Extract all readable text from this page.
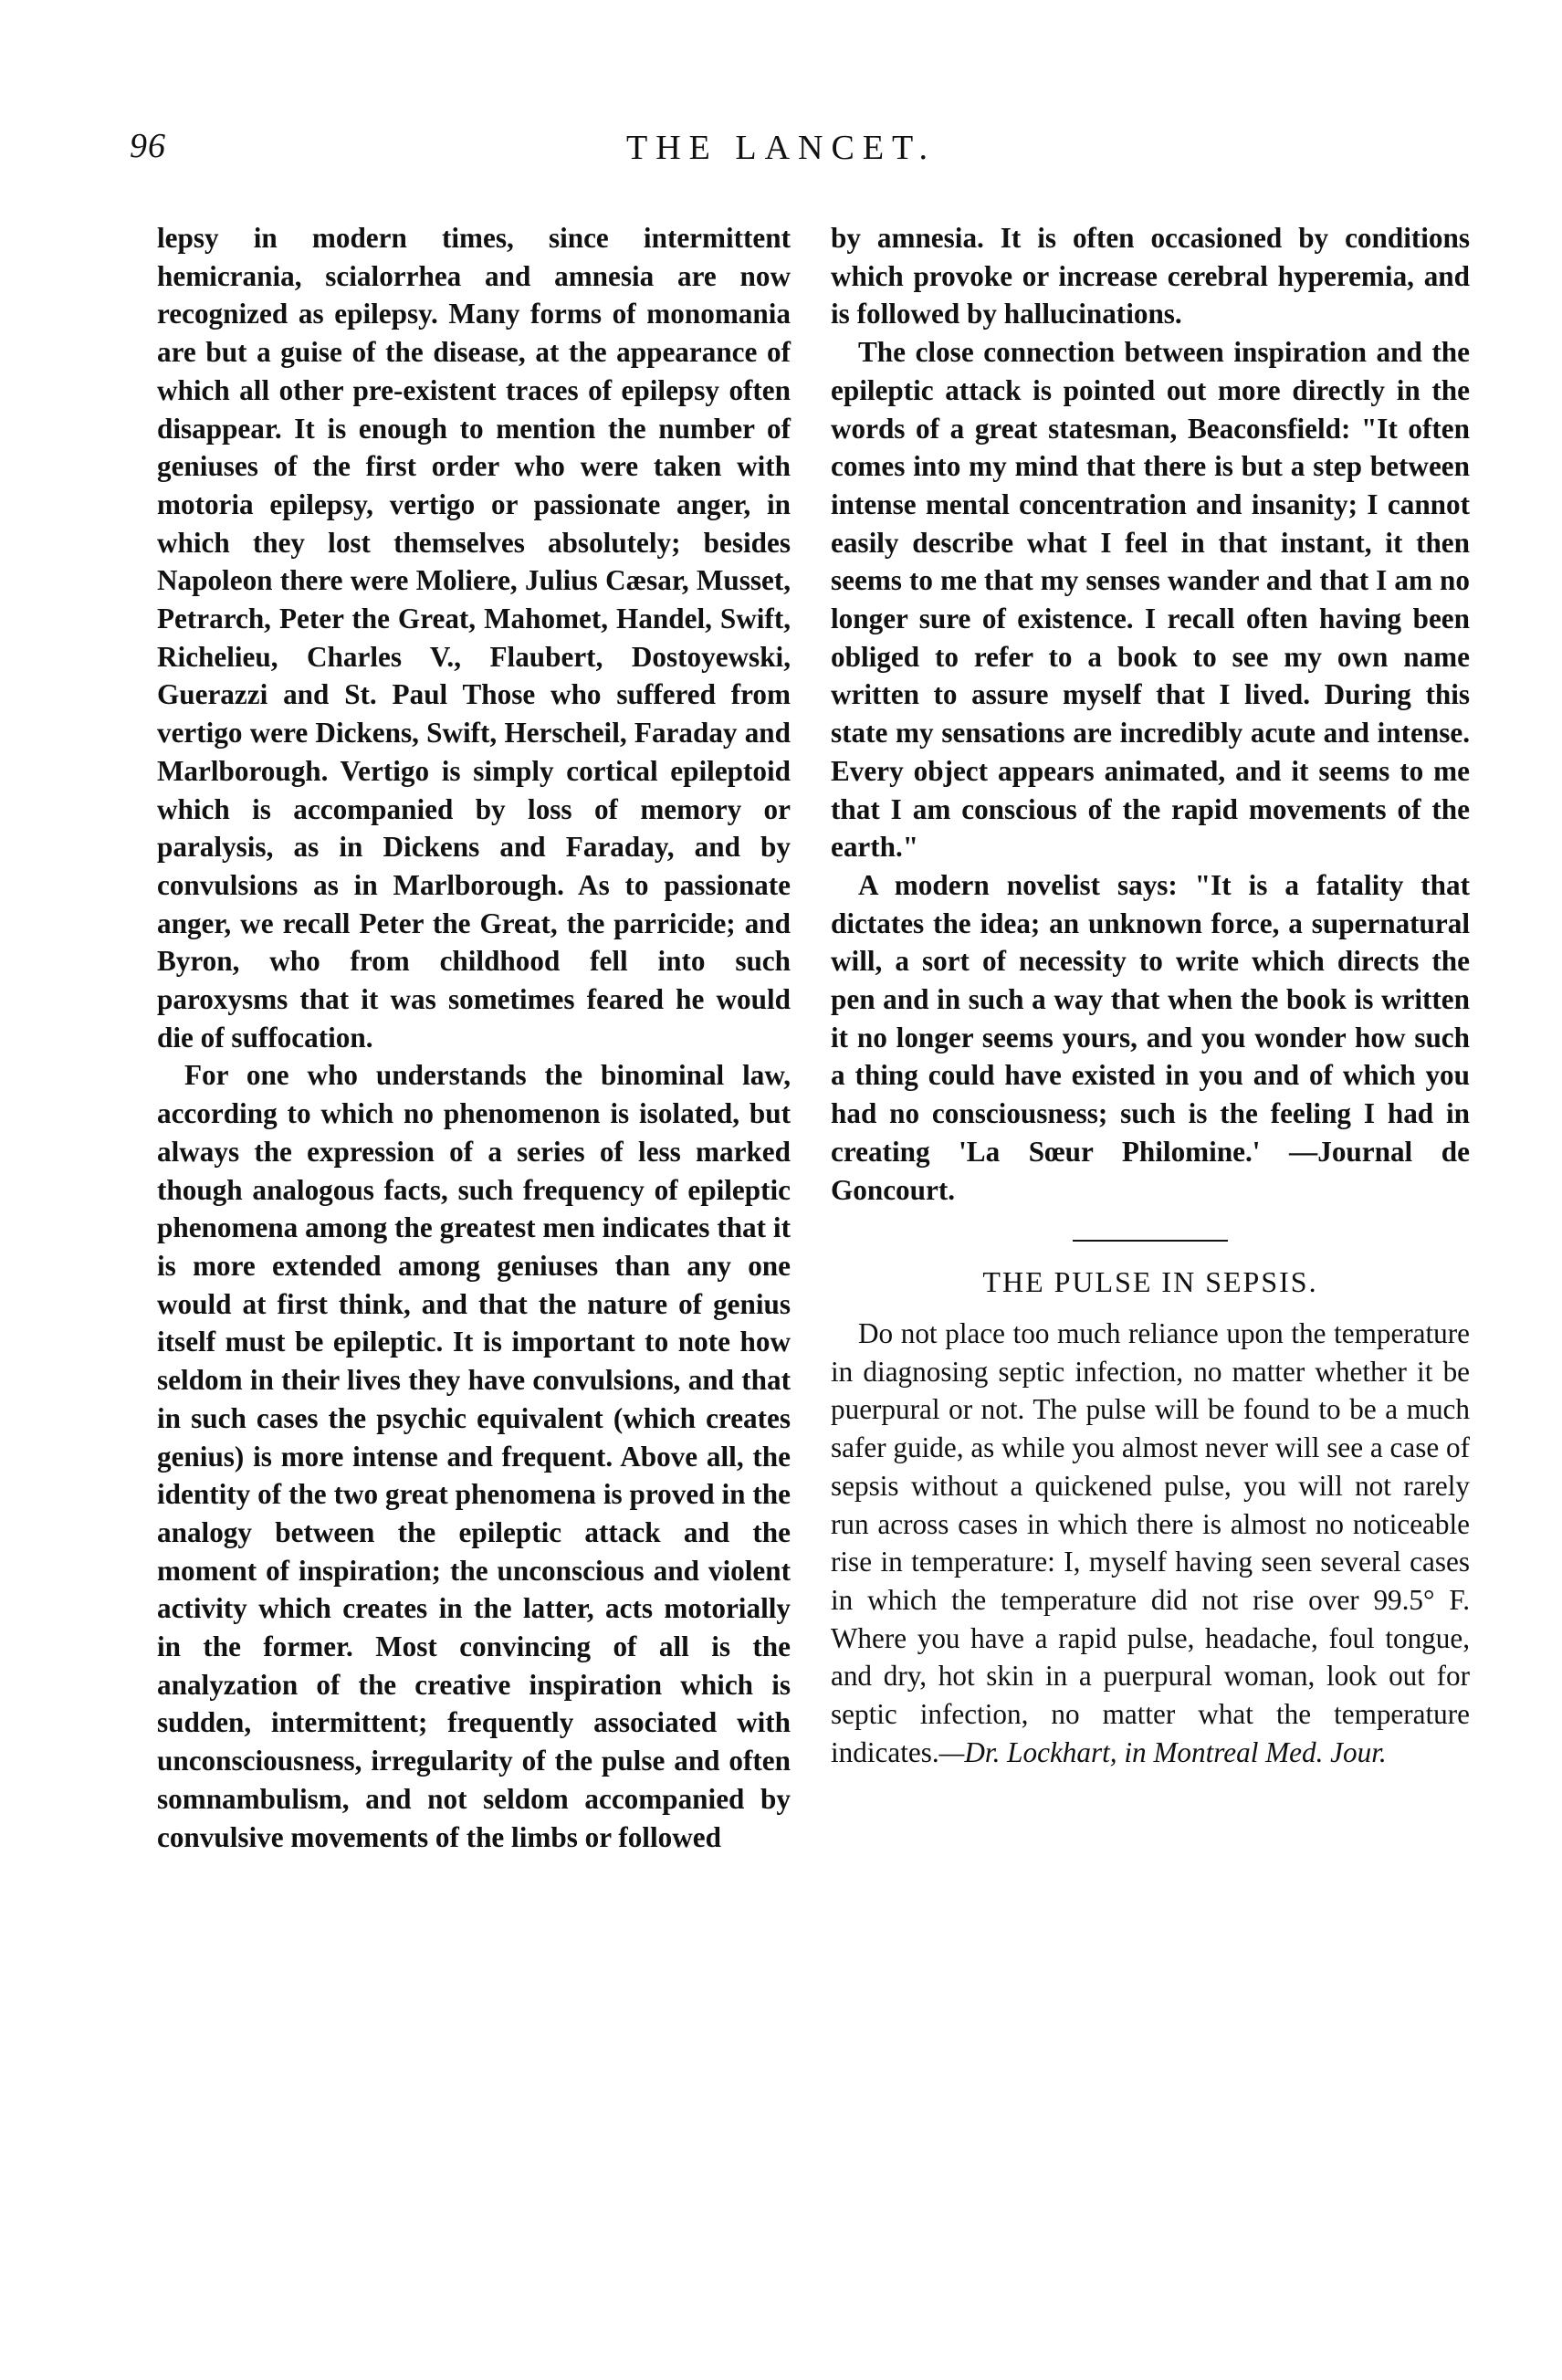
96	THE LANCET.

lepsy in modern times, since intermittent hemicrania, scialorrhea and amnesia are now recognized as epilepsy. Many forms of monomania are but a guise of the disease, at the appearance of which all other pre-existent traces of epilepsy often disappear. It is enough to mention the number of geniuses of the first order who were taken with motoria epilepsy, vertigo or passionate anger, in which they lost themselves absolutely; besides Napoleon there were Moliere, Julius Cæsar, Musset, Petrarch, Peter the Great, Mahomet, Handel, Swift, Richelieu, Charles V., Flaubert, Dostoyewski, Guerazzi and St. Paul Those who suffered from vertigo were Dickens, Swift, Herscheil, Faraday and Marlborough. Vertigo is simply cortical epileptoid which is accompanied by loss of memory or paralysis, as in Dickens and Faraday, and by convulsions as in Marlborough. As to passionate anger, we recall Peter the Great, the parricide; and Byron, who from childhood fell into such paroxysms that it was sometimes feared he would die of suffocation.

For one who understands the binominal law, according to which no phenomenon is isolated, but always the expression of a series of less marked though analogous facts, such frequency of epileptic phenomena among the greatest men indicates that it is more extended among geniuses than any one would at first think, and that the nature of genius itself must be epileptic. It is important to note how seldom in their lives they have convulsions, and that in such cases the psychic equivalent (which creates genius) is more intense and frequent. Above all, the identity of the two great phenomena is proved in the analogy between the epileptic attack and the moment of inspiration; the unconscious and violent activity which creates in the latter, acts motorially in the former. Most convincing of all is the analyzation of the creative inspiration which is sudden, intermittent; frequently associated with unconsciousness, irregularity of the pulse and often somnambulism, and not seldom accompanied by convulsive movements of the limbs or followed

by amnesia. It is often occasioned by conditions which provoke or increase cerebral hyperemia, and is followed by hallucinations.

The close connection between inspiration and the epileptic attack is pointed out more directly in the words of a great statesman, Beaconsfield: "It often comes into my mind that there is but a step between intense mental concentration and insanity; I cannot easily describe what I feel in that instant, it then seems to me that my senses wander and that I am no longer sure of existence. I recall often having been obliged to refer to a book to see my own name written to assure myself that I lived. During this state my sensations are incredibly acute and intense. Every object appears animated, and it seems to me that I am conscious of the rapid movements of the earth."

A modern novelist says: "It is a fatality that dictates the idea; an unknown force, a supernatural will, a sort of necessity to write which directs the pen and in such a way that when the book is written it no longer seems yours, and you wonder how such a thing could have existed in you and of which you had no consciousness; such is the feeling I had in creating 'La Sœur Philomine.' —Journal de Goncourt.

THE PULSE IN SEPSIS.

Do not place too much reliance upon the temperature in diagnosing septic infection, no matter whether it be puerpural or not. The pulse will be found to be a much safer guide, as while you almost never will see a case of sepsis without a quickened pulse, you will not rarely run across cases in which there is almost no noticeable rise in temperature: I, myself having seen several cases in which the temperature did not rise over 99.5° F. Where you have a rapid pulse, headache, foul tongue, and dry, hot skin in a puerpural woman, look out for septic infection, no matter what the temperature indicates.—Dr. Lockhart, in Montreal Med. Jour.
